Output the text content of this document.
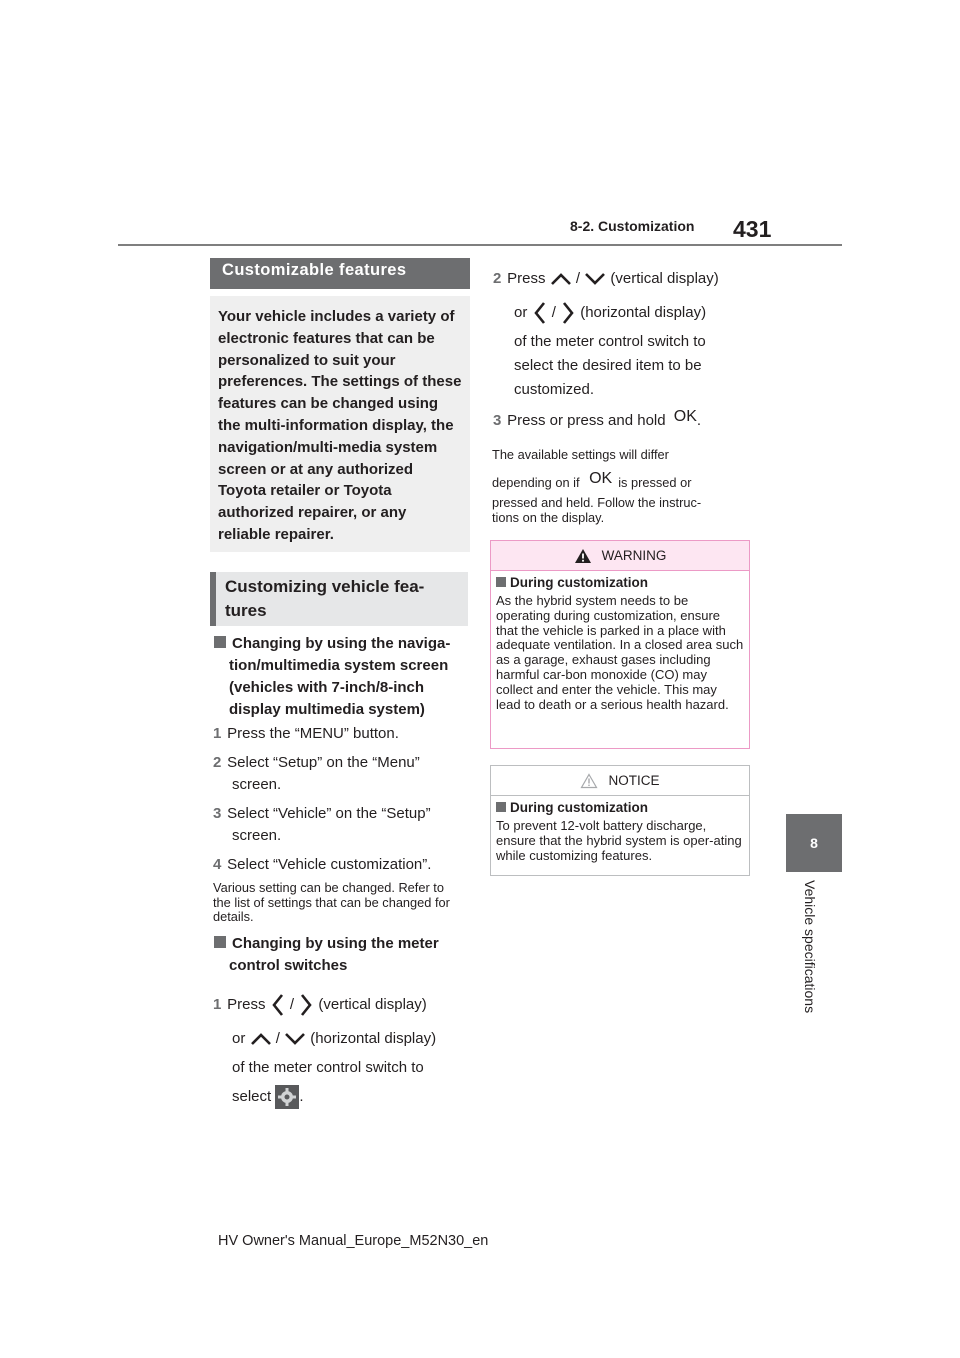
8-2. Customization 431
8
Vehicle specifications
Customizable features
Your vehicle includes a variety of electronic features that can be personalized to suit your preferences. The settings of these features can be changed using the multi-information display, the navigation/multi-media system screen or at any authorized Toyota retailer or Toyota authorized repairer, or any reliable repairer.
Customizing vehicle fea-
tures
Changing by using the naviga-
tion/multimedia system screen
(vehicles with 7-inch/8-inch
display multimedia system)
1 Press the “MENU” button.
2 Select “Setup” on the “Menu”
screen.
3 Select “Vehicle” on the “Setup”
screen.
4 Select “Vehicle customization”.
Various setting can be changed. Refer to the list of settings that can be changed for details.
Changing by using the meter
control switches
1 Press / (vertical display)
or / (horizontal display)
of the meter control switch to
select .
2 Press / (vertical display)
or / (horizontal display)
of the meter control switch to
select the desired item to be
customized.
3 Press or press and hold OK.
The available settings will differ
depending on if OK is pressed or
pressed and held. Follow the instruc-
tions on the display.
WARNING
During customization
As the hybrid system needs to be operating during customization, ensure that the vehicle is parked in a place with adequate ventilation. In a closed area such as a garage, exhaust gases including harmful car-bon monoxide (CO) may collect and enter the vehicle. This may lead to death or a serious health hazard.
NOTICE
During customization
To prevent 12-volt battery discharge, ensure that the hybrid system is oper-ating while customizing features.
HV Owner's Manual_Europe_M52N30_en
